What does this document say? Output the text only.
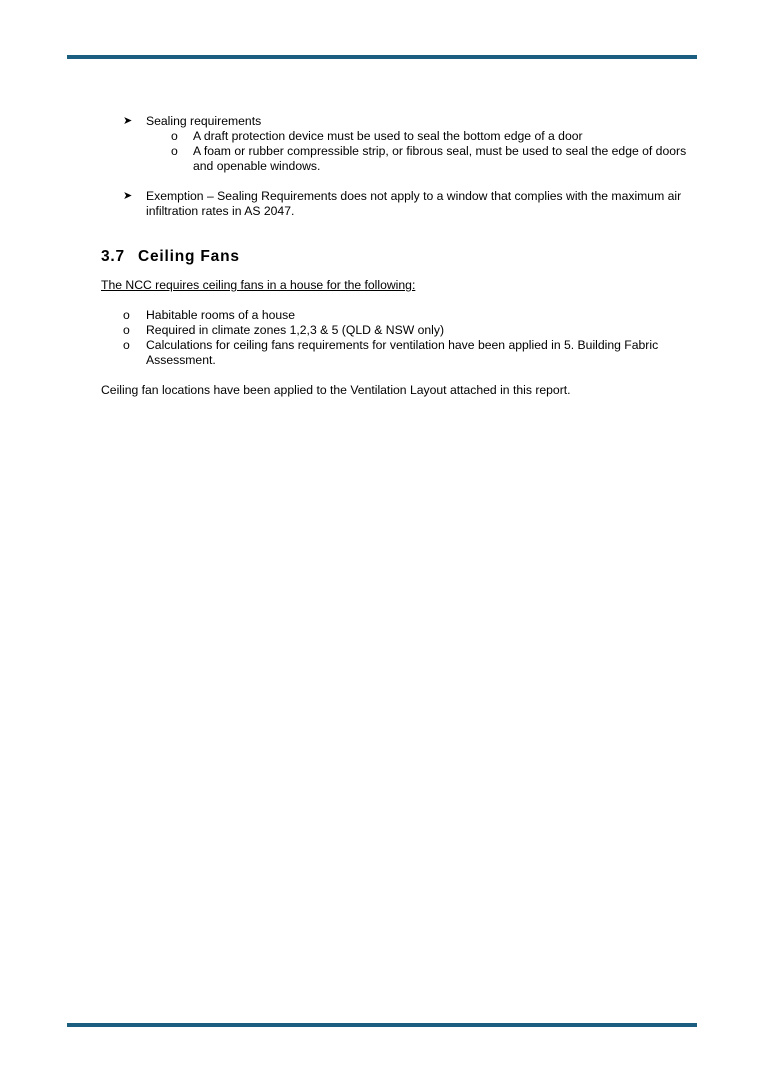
➤ Sealing requirements
o A draft protection device must be used to seal the bottom edge of a door
o A foam or rubber compressible strip, or fibrous seal, must be used to seal the edge of doors and openable windows.
➤ Exemption – Sealing Requirements does not apply to a window that complies with the maximum air infiltration rates in AS 2047.
3.7 Ceiling Fans
The NCC requires ceiling fans in a house for the following:
o Habitable rooms of a house
o Required in climate zones 1,2,3 & 5 (QLD & NSW only)
o Calculations for ceiling fans requirements for ventilation have been applied in 5. Building Fabric Assessment.
Ceiling fan locations have been applied to the Ventilation Layout attached in this report.
